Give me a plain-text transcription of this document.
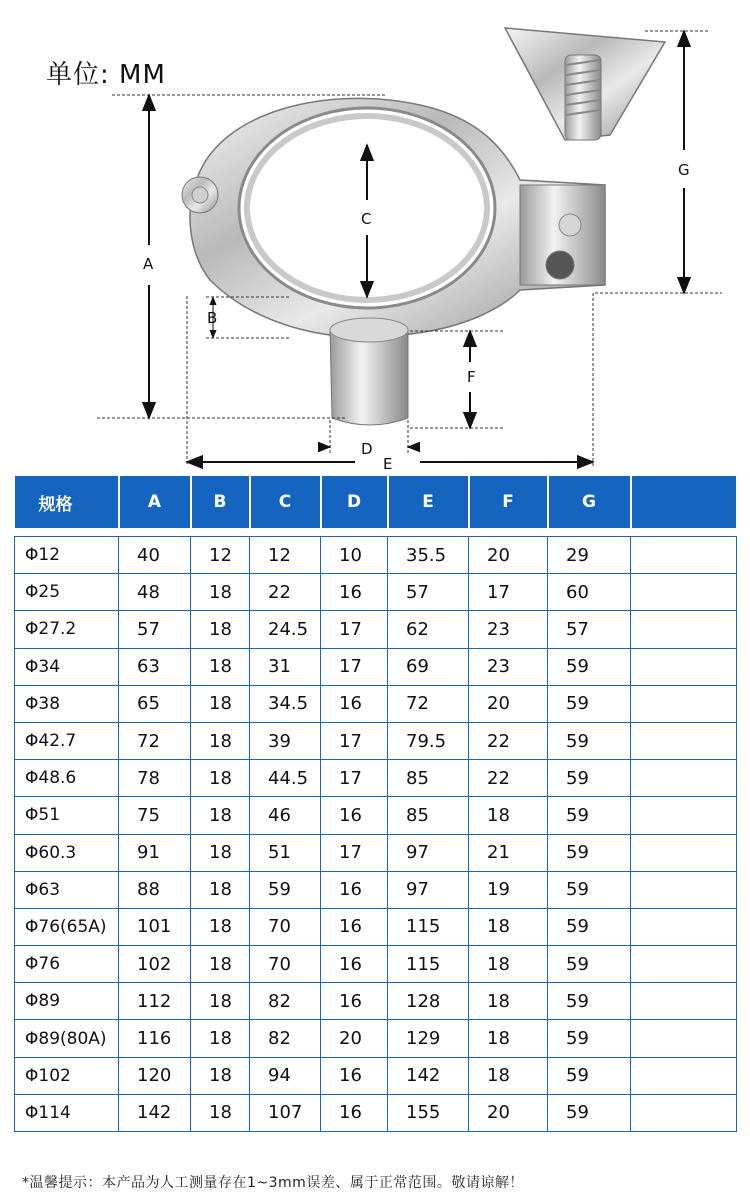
单位: MM
A
B
C
D
E
F
G
规格	A	B	C	D	E	F	G	

Φ12	40	12	12	10	35.5	20	29	
Φ25	48	18	22	16	57	17	60	
Φ27.2	57	18	24.5	17	62	23	57	
Φ34	63	18	31	17	69	23	59	
Φ38	65	18	34.5	16	72	20	59	
Φ42.7	72	18	39	17	79.5	22	59	
Φ48.6	78	18	44.5	17	85	22	59	
Φ51	75	18	46	16	85	18	59	
Φ60.3	91	18	51	17	97	21	59	
Φ63	88	18	59	16	97	19	59	
Φ76(65A)	101	18	70	16	115	18	59	
Φ76	102	18	70	16	115	18	59	
Φ89	112	18	82	16	128	18	59	
Φ89(80A)	116	18	82	20	129	18	59	
Φ102	120	18	94	16	142	18	59	
Φ114	142	18	107	16	155	20	59	
*温馨提示：本产品为人工测量存在1~3mm误差、属于正常范围。敬请谅解！
